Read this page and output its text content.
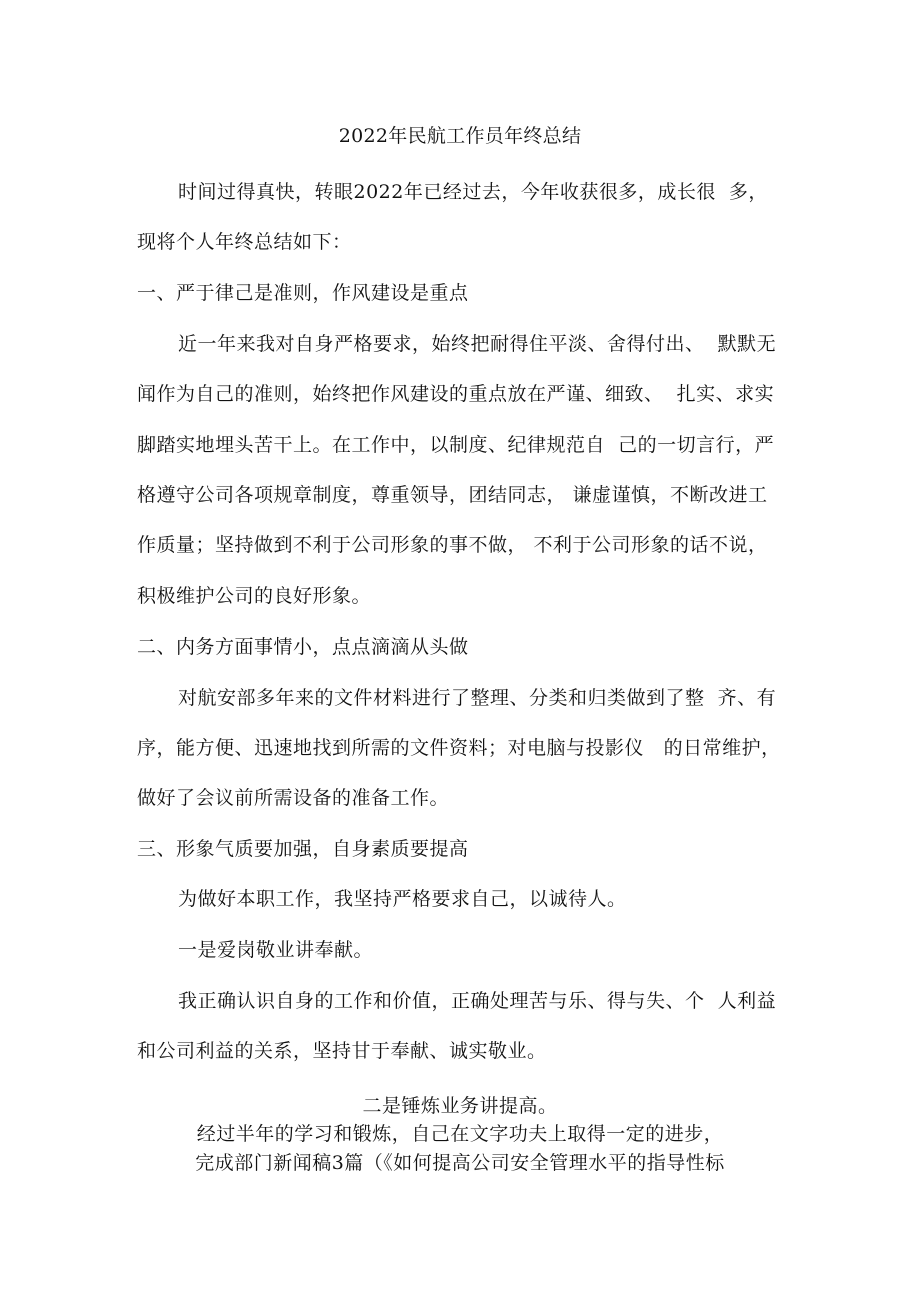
2022年民航工作员年终总结
时间过得真快，转眼2022年已经过去，今年收获很多，成长很  多，
现将个人年终总结如下：
一、严于律己是准则，作风建设是重点
近一年来我对自身严格要求，始终把耐得住平淡、舍得付出、  默默无
闻作为自己的准则，始终把作风建设的重点放在严谨、细致、  扎实、求实
脚踏实地埋头苦干上。在工作中，以制度、纪律规范自  己的一切言行，严
格遵守公司各项规章制度，尊重领导，团结同志， 谦虚谨慎，不断改进工
作质量；坚持做到不利于公司形象的事不做， 不利于公司形象的话不说，
积极维护公司的良好形象。
二、内务方面事情小，点点滴滴从头做
对航安部多年来的文件材料进行了整理、分类和归类做到了整  齐、有
序，能方便、迅速地找到所需的文件资料；对电脑与投影仪   的日常维护，
做好了会议前所需设备的准备工作。
三、形象气质要加强，自身素质要提高
为做好本职工作，我坚持严格要求自己，以诚待人。
一是爱岗敬业讲奉献。
我正确认识自身的工作和价值，正确处理苦与乐、得与失、个  人利益
和公司利益的关系，坚持甘于奉献、诚实敬业。
二是锤炼业务讲提高。
经过半年的学习和锻炼，自己在文字功夫上取得一定的进步，
完成部门新闻稿3篇（《如何提高公司安全管理水平的指导性标
